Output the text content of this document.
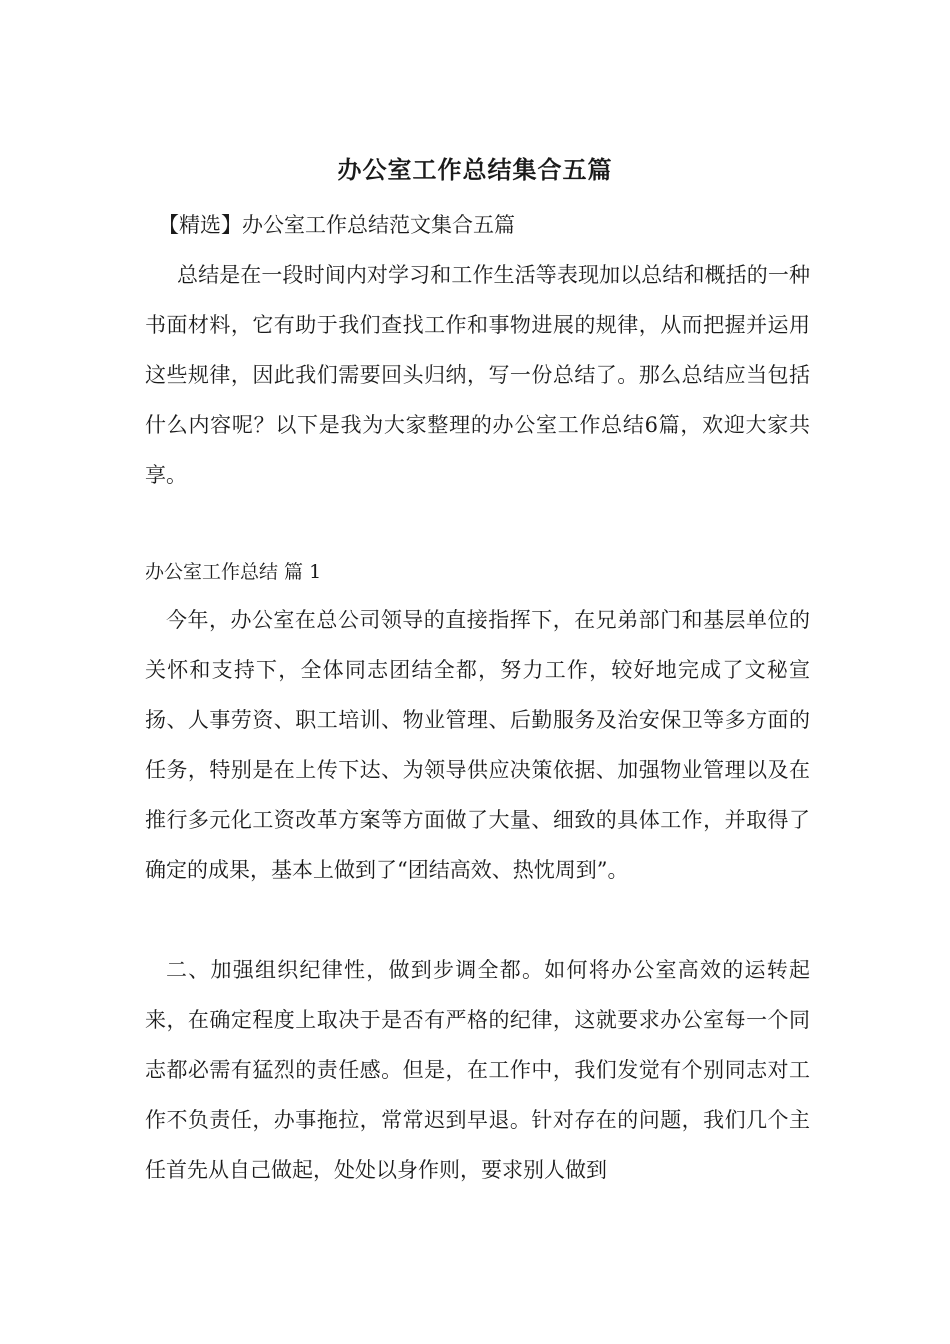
办公室工作总结集合五篇
【精选】办公室工作总结范文集合五篇
总结是在一段时间内对学习和工作生活等表现加以总结和概括的一种书面材料，它有助于我们查找工作和事物进展的规律，从而把握并运用这些规律，因此我们需要回头归纳，写一份总结了。那么总结应当包括什么内容呢？以下是我为大家整理的办公室工作总结6篇，欢迎大家共享。
办公室工作总结 篇 1
今年，办公室在总公司领导的直接指挥下，在兄弟部门和基层单位的关怀和支持下，全体同志团结全都，努力工作，较好地完成了文秘宣扬、人事劳资、职工培训、物业管理、后勤服务及治安保卫等多方面的任务，特别是在上传下达、为领导供应决策依据、加强物业管理以及在推行多元化工资改革方案等方面做了大量、细致的具体工作，并取得了确定的成果，基本上做到了“团结高效、热忱周到”。
二、加强组织纪律性，做到步调全都。如何将办公室高效的运转起来，在确定程度上取决于是否有严格的纪律，这就要求办公室每一个同志都必需有猛烈的责任感。但是，在工作中，我们发觉有个别同志对工作不负责任，办事拖拉，常常迟到早退。针对存在的问题，我们几个主任首先从自己做起，处处以身作则，要求别人做到
